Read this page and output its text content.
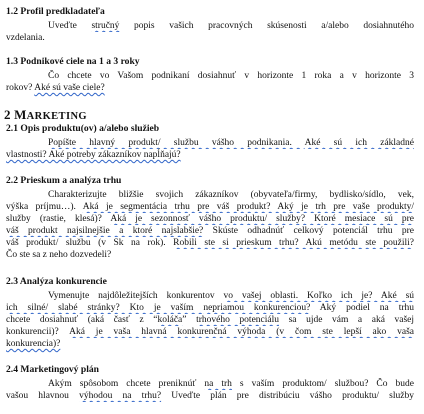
1.2 Profil predkladateľa
Uveďte stručný popis vašich pracovných skúsenosti a/alebo dosiahnutého
vzdelania.
1.3 Podnikové ciele na 1 a 3 roky
Čo chcete vo Vašom podnikaní dosiahnuť v horizonte 1 roka a v horizonte 3
rokov? Aké sú vaše ciele?
2 MARKETING
2.1 Opis produktu(ov) a/alebo služieb
Popíšte hlavný produkt/ službu vášho podnikania. Aké sú ich základné
vlastnosti? Aké potreby zákazníkov napĺňajú?
2.2 Prieskum a analýza trhu
Charakterizujte bližšie svojich zákazníkov (obyvateľa/firmy, bydlisko/sídlo, vek,
výška príjmu…). Aká je segmentácia trhu pre váš produkt? Aký je trh pre vaše produkty/
služby (rastie, klesá)? Aká je sezonnosť vášho produktu/ služby? Ktoré mesiace sú pre
váš produkt najsilnejšie a ktoré najslabšie? Skúste odhadnúť celkový potenciál trhu pre
váš produkt/ službu (v Sk na rok). Robili ste si prieskum trhu? Akú metódu ste použili?
Čo ste sa z neho dozvedeli?
2.3 Analýza konkurencie
Vymenujte najdôležitejších konkurentov vo vašej oblasti. Koľko ich je? Aké sú
ich silné/ slabé stránky? Kto je vaším nepriamou konkurenciou? Aký podiel na trhu
chcete dosiahnuť (aká časť z “koláča” trhového potenciálu sa ujde vám a aká vašej
konkurencii)? Aká je vaša hlavná konkurenčná výhoda (v čom ste lepší ako vaša
konkurencia)?
2.4 Marketingový plán
Akým spôsobom chcete preniknúť na trh s vaším produktom/ službou? Čo bude
vašou hlavnou výhodou na trhu? Uveďte plán pre distribúciu vášho produktu/ služby
